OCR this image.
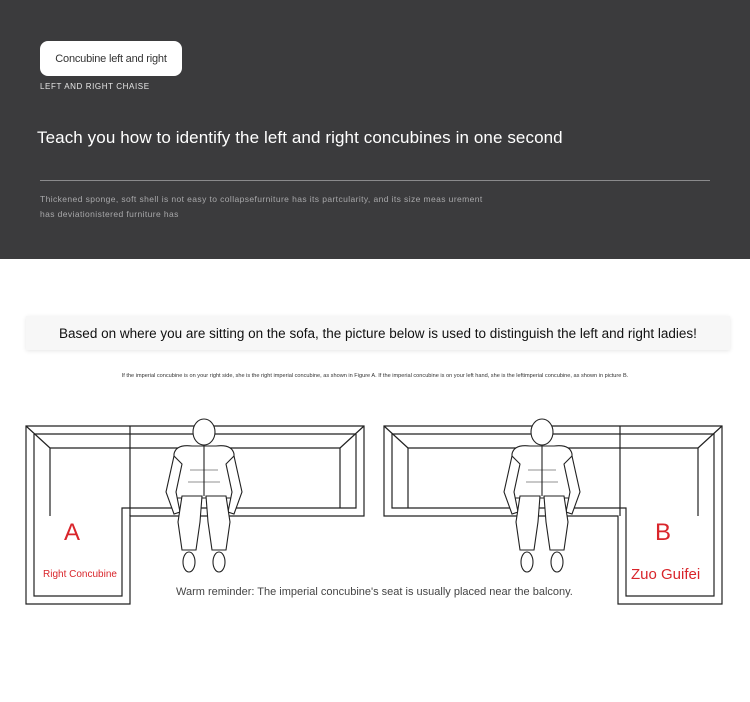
Concubine left and right
LEFT AND RIGHT CHAISE
Teach you how to identify the left and right concubines in one second
Thickened sponge, soft shell is not easy to collapsefurniture has its partcularity, and its size meas urement has deviationistered furniture has
Based on where you are sitting on the sofa, the picture below is used to distinguish the left and right ladies!
If the imperial concubine is on your right side, she is the right imperial concubine, as shown in Figure A. If the imperial concubine is on your left hand, she is the leftimperial concubine, as shown in picture B.
A
Right Concubine
B
Zuo Guifei
Warm reminder: The imperial concubine's seat is usually placed near the balcony.
